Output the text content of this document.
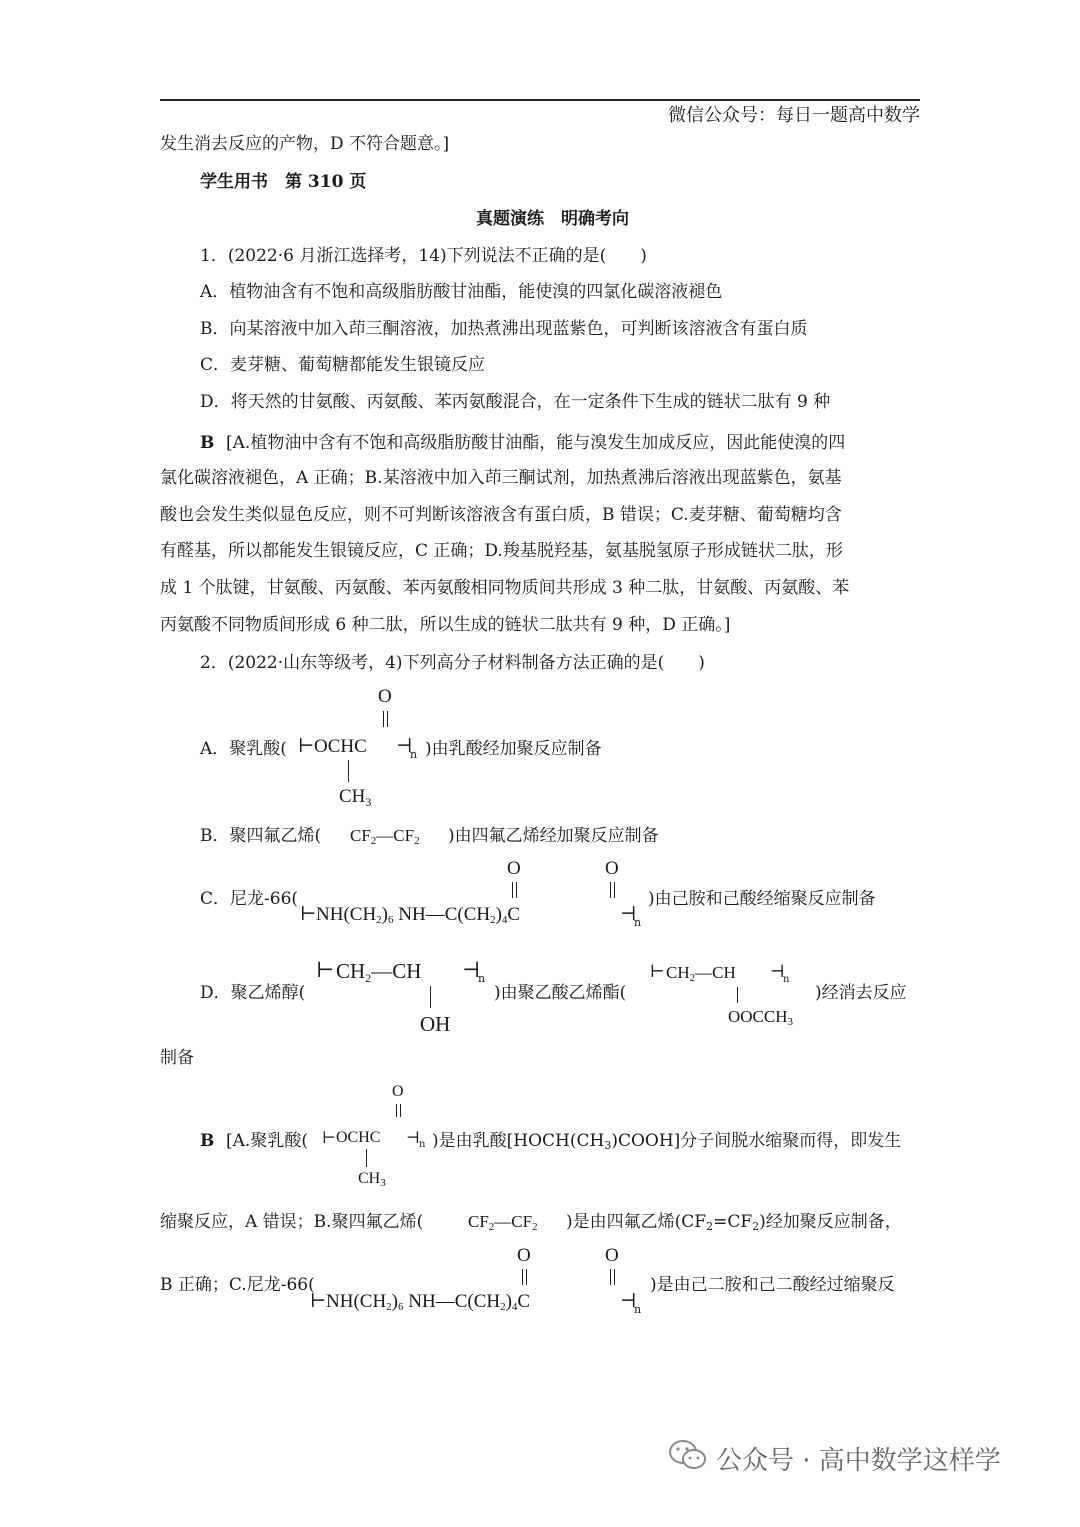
微信公众号：每日一题高中数学
发生消去反应的产物，D 不符合题意。]
学生用书　第 310 页
真题演练　明确考向
1．(2022·6 月浙江选择考，14)下列说法不正确的是(　　)
A．植物油含有不饱和高级脂肪酸甘油酯，能使溴的四氯化碳溶液褪色
B．向某溶液中加入茚三酮溶液，加热煮沸出现蓝紫色，可判断该溶液含有蛋白质
C．麦芽糖、葡萄糖都能发生银镜反应
D．将天然的甘氨酸、丙氨酸、苯丙氨酸混合，在一定条件下生成的链状二肽有 9 种
B [A.植物油中含有不饱和高级脂肪酸甘油酯，能与溴发生加成反应，因此能使溴的四
氯化碳溶液褪色，A 正确；B.某溶液中加入茚三酮试剂，加热煮沸后溶液出现蓝紫色，氨基
酸也会发生类似显色反应，则不可判断该溶液含有蛋白质，B 错误；C.麦芽糖、葡萄糖均含
有醛基，所以都能发生银镜反应，C 正确；D.羧基脱羟基，氨基脱氢原子形成链状二肽，形
成 1 个肽键，甘氨酸、丙氨酸、苯丙氨酸相同物质间共形成 3 种二肽，甘氨酸、丙氨酸、苯
丙氨酸不同物质间形成 6 种二肽，所以生成的链状二肽共有 9 种，D 正确。]
2．(2022·山东等级考，4)下列高分子材料制备方法正确的是(　　)
A．聚乳酸(
O
⊢ OCHC ⊣
n
$CH_3$
)由乳酸经加聚反应制备
B．聚四氟乙烯( CF2—CF2 )由四氟乙烯经加聚反应制备
C．尼龙-66(
O	O
⊢ NH(CH2)6 NH—C(CH2)4C	⊣
n
)由己胺和己酸经缩聚反应制备
D．聚乙烯醇(
⊢ $CH_2—CH$ ⊣
n
OH
)由聚乙酸乙烯酯(
⊢ CH2—CH ⊣
n
OOCCH3
)经消去反应
制备
B [A.聚乳酸(
O
⊢ OCHC ⊣ n
CH3
)是由乳酸[HOCH(CH3)COOH]分子间脱水缩聚而得，即发生
缩聚反应，A 错误；B.聚四氟乙烯(	CF2—CF2 )是由四氟乙烯(CF2=CF2)经加聚反应制备，
B 正确；C.尼龙-66(
O	O
⊢ NH(CH2)6 NH—C(CH2)4C	⊣
n
)是由己二胺和己二酸经过缩聚反
公众号 · 高中数学这样学
